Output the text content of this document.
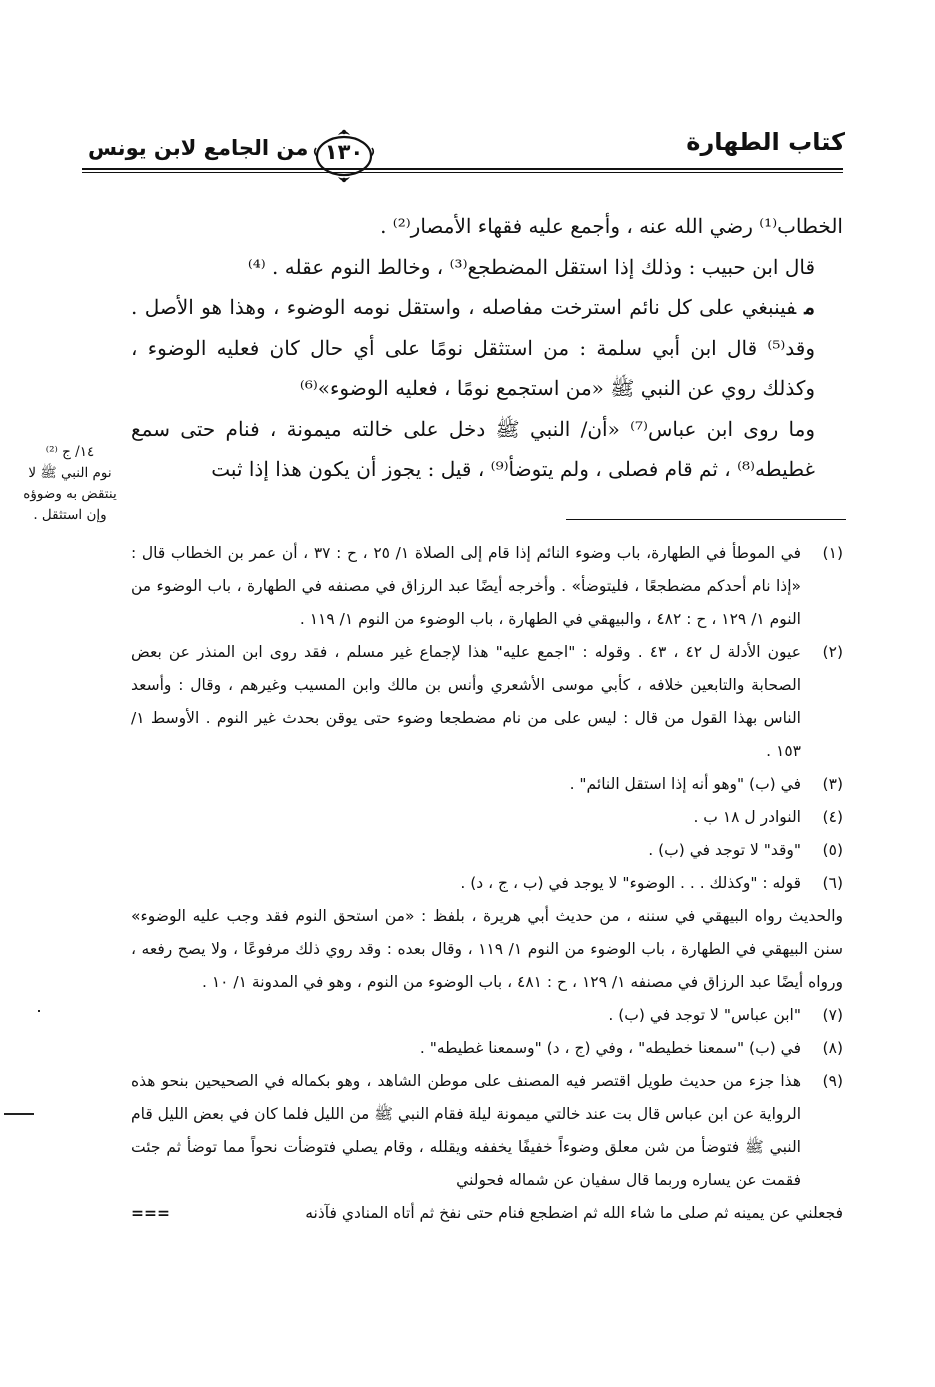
كتاب الطهارة
من الجامع لابن يونس ١٣٠

الخطاب⁽¹⁾ رضي الله عنه ، وأجمع عليه فقهاء الأمصار⁽²⁾ .

قال ابن حبيب : وذلك إذا استقل المضطجع⁽³⁾ ، وخالط النوم عقله . ⁽⁴⁾

مفينبغي على كل نائم استرخت مفاصله ، واستقل نومه الوضوء ، وهذا هو الأصل . وقد⁽⁵⁾ قال ابن أبي سلمة : من استثقل نومًا على أي حال كان فعليه الوضوء ، وكذلك روي عن النبي ﷺ «من استجمع نومًا ، فعليه الوضوء»⁽⁶⁾

وما روى ابن عباس⁽⁷⁾ «أن/ النبي ﷺ دخل على خالته ميمونة ، فنام حتى سمع غطيطه⁽⁸⁾ ، ثم قام فصلى ، ولم يتوضأ⁽⁹⁾ ، قيل : يجوز أن يكون هذا إذا ثبت

١٤/ ج ⁽²⁾
نوم النبي ﷺ لا ينتقض به وضوؤه وإن استثقل .
(١)
في الموطأ في الطهارة، باب وضوء النائم إذا قام إلى الصلاة ١/ ٢٥ ، ح : ٣٧ ، أن عمر بن الخطاب قال : «إذا نام أحدكم مضطجعًا ، فليتوضأ» . وأخرجه أيضًا عبد الرزاق في مصنفه في الطهارة ، باب الوضوء من النوم ١/ ١٢٩ ، ح : ٤٨٢ ، والبيهقي في الطهارة ، باب الوضوء من النوم ١/ ١١٩ .
(٢)
عيون الأدلة ل ٤٢ ، ٤٣ . وقوله : "اجمع عليه" هذا لإجماع غير مسلم ، فقد روى ابن المنذر عن بعض الصحابة والتابعين خلافه ، كأبي موسى الأشعري وأنس بن مالك وابن المسيب وغيرهم ، وقال : وأسعد الناس بهذا القول من قال : ليس على من نام مضطجعا وضوء حتى يوقن بحدث غير النوم . الأوسط ١/ ١٥٣ .
(٣)
في (ب) "وهو أنه إذا استقل النائم" .
(٤)
النوادر ل ١٨ ب .
(٥)
"وقد" لا توجد في (ب) .
(٦)
قوله : "وكذلك . . . الوضوء" لا يوجد في (ب ، ج ، د) .
والحديث رواه البيهقي في سننه ، من حديث أبي هريرة ، بلفظ : «من استحق النوم فقد وجب عليه الوضوء» سنن البيهقي في الطهارة ، باب الوضوء من النوم ١/ ١١٩ ، وقال بعده : وقد روي ذلك مرفوعًا ، ولا يصح رفعه ، ورواه أيضًا عبد الرزاق في مصنفه ١/ ١٢٩ ، ح : ٤٨١ ، باب الوضوء من النوم ، وهو في المدونة ١/ ١٠ .
(٧)
"ابن عباس" لا توجد في (ب) .
(٨)
في (ب) "سمعنا خطيطه" ، وفي (ج ، د) "وسمعنا غطيطه" .
(٩)
هذا جزء من حديث طويل اقتصر فيه المصنف على موطن الشاهد ، وهو بكماله في الصحيحين بنحو هذه الرواية عن ابن عباس قال بت عند خالتي ميمونة ليلة فقام النبي ﷺ من الليل فلما كان في بعض الليل قام النبي ﷺ فتوضأ من شن معلق وضوءاً خفيفًا يخففه ويقلله ، وقام يصلي فتوضأت نحواً مما توضأ ثم جئت فقمت عن يساره وربما قال سفيان عن شماله فحولني
فجعلني عن يمينه ثم صلى ما شاء الله ثم اضطجع فنام حتى نفخ ثم أتاه المنادي فآذنه
===
